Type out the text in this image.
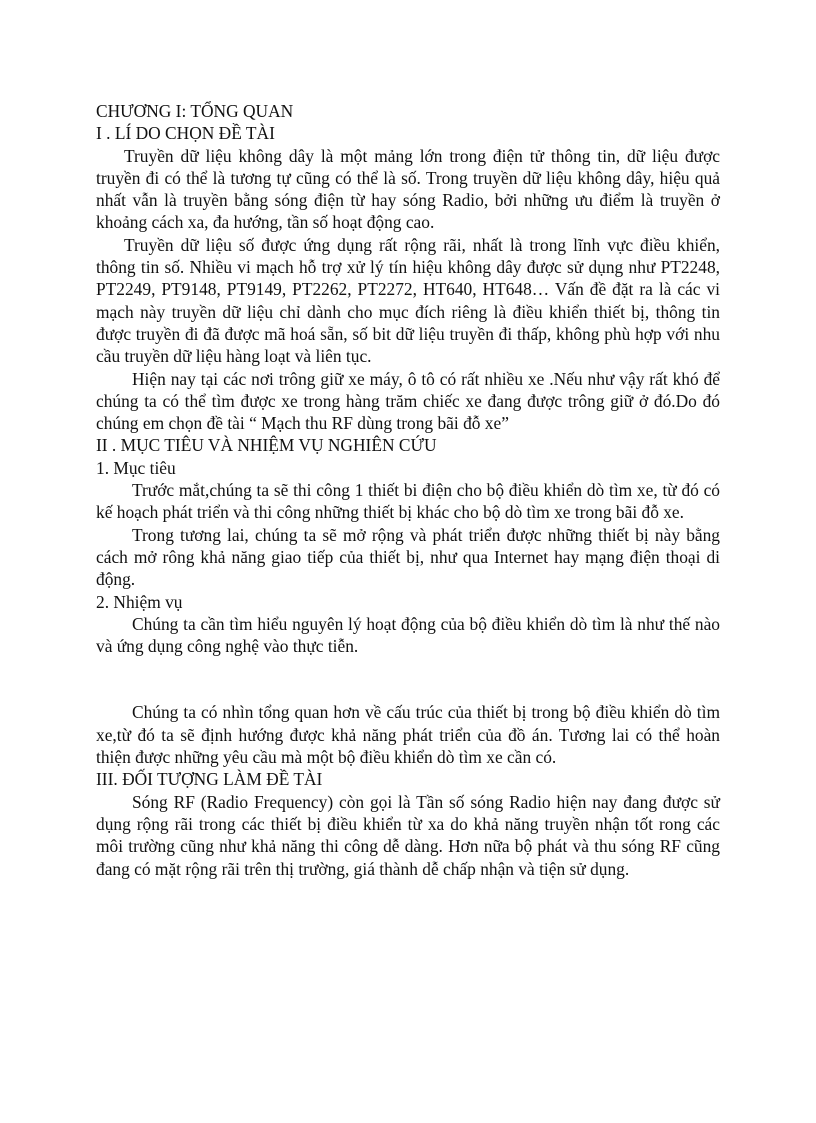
CHƯƠNG I: TỔNG QUAN
I . LÍ DO CHỌN ĐỀ TÀI

Truyền dữ liệu không dây là một mảng lớn trong điện tử thông tin, dữ liệu được truyền đi có thể là tương tự cũng có thể là số. Trong truyền dữ liệu không dây, hiệu quả nhất vẫn là truyền bằng sóng điện từ hay sóng Radio, bởi những ưu điểm là truyền ở khoảng cách xa, đa hướng, tần số hoạt động cao.

Truyền dữ liệu số được ứng dụng rất rộng rãi, nhất là trong lĩnh vực điều khiển, thông tin số. Nhiều vi mạch hỗ trợ xử lý tín hiệu không dây được sử dụng như PT2248, PT2249, PT9148, PT9149, PT2262, PT2272, HT640, HT648… Vấn đề đặt ra là các vi mạch này truyền dữ liệu chỉ dành cho mục đích riêng là điều khiển thiết bị, thông tin được truyền đi đã được mã hoá sẵn, số bit dữ liệu truyền đi thấp, không phù hợp với nhu cầu truyền dữ liệu hàng loạt và liên tục.

Hiện nay tại các nơi trông giữ xe máy, ô tô có rất nhiều xe .Nếu như vậy rất khó để chúng ta có thể tìm được xe trong hàng trăm chiếc xe đang được trông giữ ở đó.Do đó chúng em chọn đề tài “ Mạch thu RF dùng trong bãi đỗ xe”

II . MỤC TIÊU VÀ NHIỆM VỤ NGHIÊN CỨU
1. Mục tiêu

Trước mắt,chúng ta sẽ thi công 1 thiết bi điện cho bộ điều khiển dò tìm xe, từ đó có kế hoạch phát triển và thi công những thiết bị khác cho bộ dò tìm xe trong bãi đỗ xe.

Trong tương lai, chúng ta sẽ mở rộng và phát triển được những thiết bị này bằng cách mở rông khả năng giao tiếp của thiết bị, như qua Internet hay mạng điện thoại di động.

2. Nhiệm vụ

Chúng ta cần tìm hiểu nguyên lý hoạt động của bộ điều khiển dò tìm là như thế nào và ứng dụng công nghệ vào thực tiễn.

Chúng ta có nhìn tổng quan hơn về cấu trúc của thiết bị trong bộ điều khiển dò tìm xe,từ đó ta sẽ định hướng được khả năng phát triển của đồ án. Tương lai có thể hoàn thiện được những yêu cầu mà một bộ điều khiển dò tìm xe cần có.

III. ĐỐI TƯỢNG LÀM ĐỀ TÀI

Sóng RF (Radio Frequency) còn gọi là Tần số sóng Radio hiện nay đang được sử dụng rộng rãi trong các thiết bị điều khiển từ xa do khả năng truyền nhận tốt rong các môi trường cũng như khả năng thi công dễ dàng. Hơn nữa bộ phát và thu sóng RF cũng đang có mặt rộng rãi trên thị trường, giá thành dễ chấp nhận và tiện sử dụng.
